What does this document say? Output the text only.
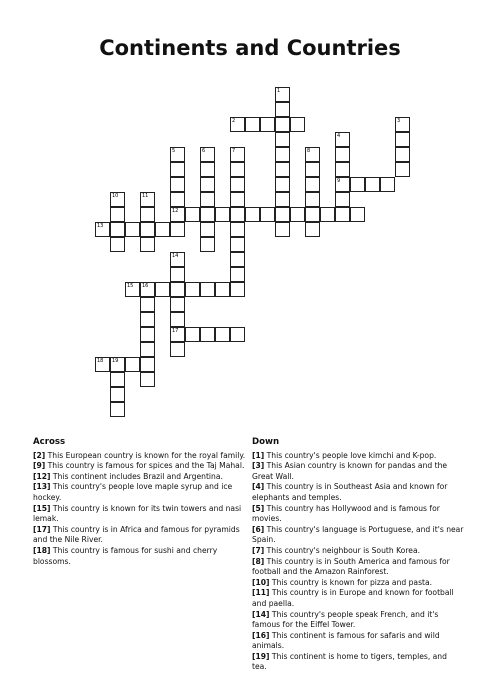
Continents and Countries
2
9
12
13
15 16
17
18 19
1
3
4
5	6	7	8
10	11
14
Across
[2] This European country is known for the royal family.
[9] This country is famous for spices and the Taj Mahal.
[12] This continent includes Brazil and Argentina.
[13] This country's people love maple syrup and ice hockey.
[15] This country is known for its twin towers and nasi lemak.
[17] This country is in Africa and famous for pyramids and the Nile River.
[18] This country is famous for sushi and cherry blossoms.
Down
[1] This country's people love kimchi and K-pop.
[3] This Asian country is known for pandas and the Great Wall.
[4] This country is in Southeast Asia and known for elephants and temples.
[5] This country has Hollywood and is famous for movies.
[6] This country's language is Portuguese, and it's near Spain.
[7] This country's neighbour is South Korea.
[8] This country is in South America and famous for football and the Amazon Rainforest.
[10] This country is known for pizza and pasta.
[11] This country is in Europe and known for football and paella.
[14] This country's people speak French, and it's famous for the Eiffel Tower.
[16] This continent is famous for safaris and wild animals.
[19] This continent is home to tigers, temples, and tea.
